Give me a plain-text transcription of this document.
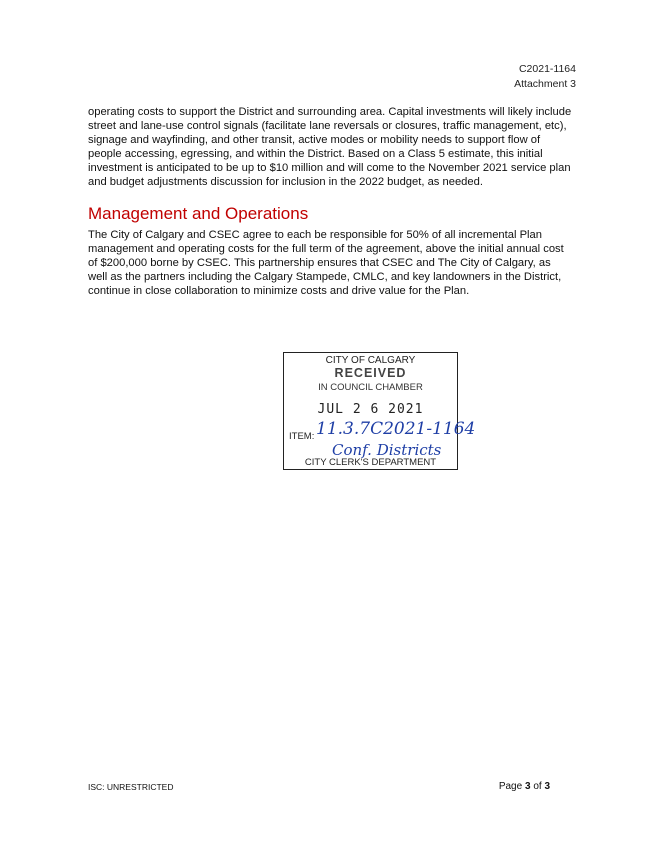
C2021-1164
Attachment 3

operating costs to support the District and surrounding area. Capital investments will likely include street and lane-use control signals (facilitate lane reversals or closures, traffic management, etc), signage and wayfinding, and other transit, active modes or mobility needs to support flow of people accessing, egressing, and within the District. Based on a Class 5 estimate, this initial investment is anticipated to be up to $10 million and will come to the November 2021 service plan and budget adjustments discussion for inclusion in the 2022 budget, as needed.

Management and Operations

The City of Calgary and CSEC agree to each be responsible for 50% of all incremental Plan management and operating costs for the full term of the agreement, above the initial annual cost of $200,000 borne by CSEC. This partnership ensures that CSEC and The City of Calgary, as well as the partners including the Calgary Stampede, CMLC, and key landowners in the District, continue in close collaboration to minimize costs and drive value for the Plan.

CITY OF CALGARY
RECEIVED
IN COUNCIL CHAMBER
JUL 2 6 2021
ITEM: 11.3.7C2021-1164
Conf. Districts
CITY CLERK'S DEPARTMENT
ISC: UNRESTRICTED	Page 3 of 3
